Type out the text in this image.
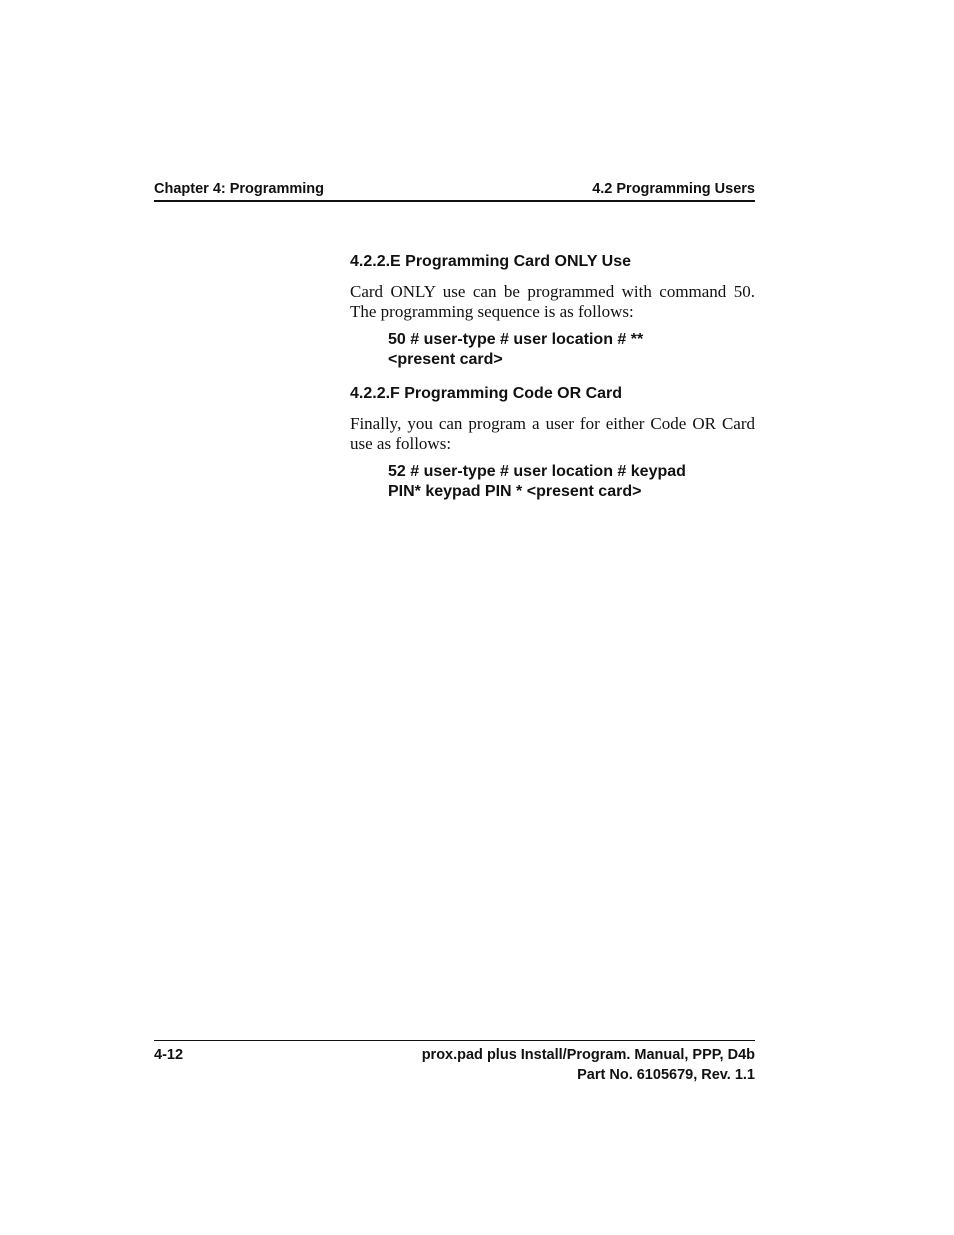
Chapter 4: Programming	4.2 Programming Users
4.2.2.E Programming Card ONLY Use

Card ONLY use can be programmed with command 50. The programming sequence is as follows:

50 # user-type # user location # **
<present card>
4.2.2.F Programming Code OR Card

Finally, you can program a user for either Code OR Card use as follows:

52 # user-type # user location # keypad
PIN* keypad PIN * <present card>
4-12	prox.pad plus Install/Program. Manual, PPP, D4b
Part No. 6105679, Rev. 1.1
